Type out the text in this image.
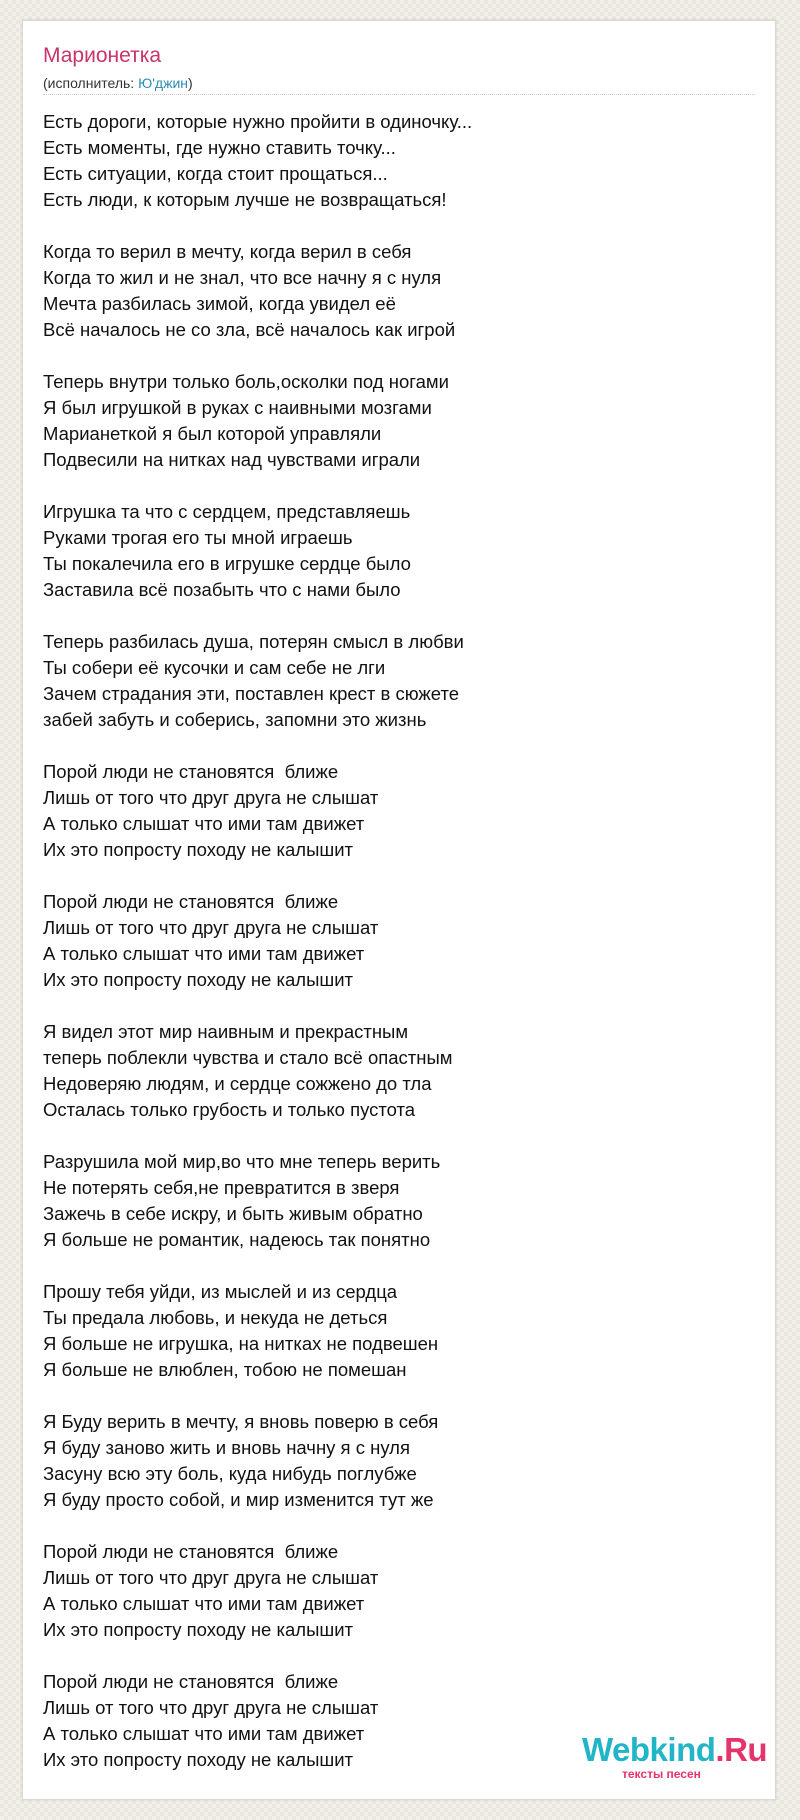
Марионетка
(исполнитель: Ю'джин)
Есть дороги, которые нужно пройити в одиночку...
Есть моменты, где нужно ставить точку...
Есть ситуации, когда стоит прощаться...
Есть люди, к которым лучше не возвращаться!
Когда то верил в мечту, когда верил в себя
Когда то жил и не знал, что все начну я с нуля
Мечта разбилась зимой, когда увидел её
Всё началось не со зла, всё началось как игрой
Теперь внутри только боль,осколки под ногами
Я был игрушкой в руках с наивными мозгами
Марианеткой я был которой управляли
Подвесили на нитках над чувствами играли
Игрушка та что с сердцем, представляешь
Руками трогая его ты мной играешь
Ты покалечила его в игрушке сердце было
Заставила всё позабыть что с нами было
Теперь разбилась душа, потерян смысл в любви
Ты собери её кусочки и сам себе не лги
Зачем страдания эти, поставлен крест в сюжете
забей забуть и соберись, запомни это жизнь
Порой люди не становятся  ближе
Лишь от того что друг друга не слышат
А только слышат что ими там движет
Их это попросту походу не калышит
Порой люди не становятся  ближе
Лишь от того что друг друга не слышат
А только слышат что ими там движет
Их это попросту походу не калышит
Я видел этот мир наивным и прекрастным
теперь поблекли чувства и стало всё опастным
Недоверяю людям, и сердце сожжено до тла
Осталась только грубость и только пустота
Разрушила мой мир,во что мне теперь верить
Не потерять себя,не превратится в зверя
Зажечь в себе искру, и быть живым обратно
Я больше не романтик, надеюсь так понятно
Прошу тебя уйди, из мыслей и из сердца
Ты предала любовь, и некуда не деться
Я больше не игрушка, на нитках не подвешен
Я больше не влюблен, тобою не помешан
Я Буду верить в мечту, я вновь поверю в себя
Я буду заново жить и вновь начну я с нуля
Засуну всю эту боль, куда нибудь поглубже
Я буду просто собой, и мир изменится тут же
Порой люди не становятся  ближе
Лишь от того что друг друга не слышат
А только слышат что ими там движет
Их это попросту походу не калышит
Порой люди не становятся  ближе
Лишь от того что друг друга не слышат
А только слышат что ими там движет
Их это попросту походу не калышит	Webkind.Ru
тексты песен
